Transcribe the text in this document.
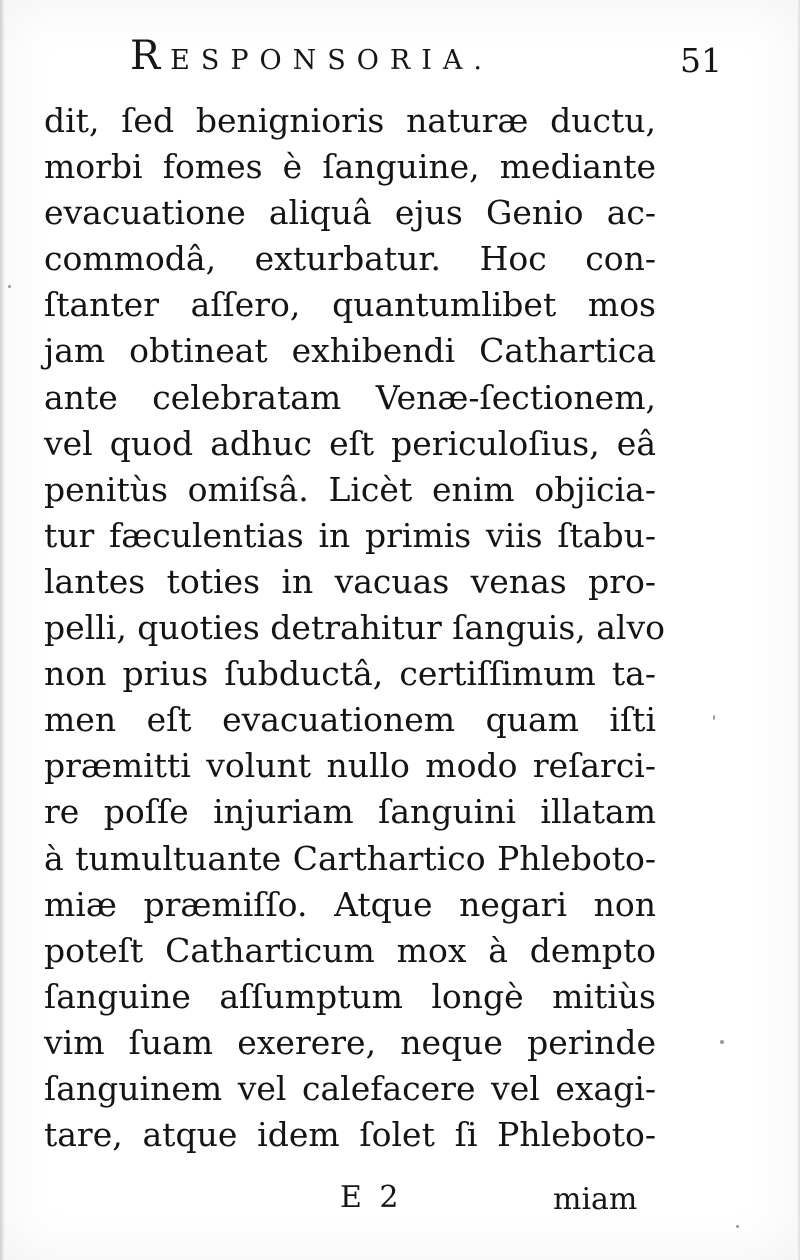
RESPONSORIA.	51
dit, ſed benignioris naturæ ductu,
morbi fomes è ſanguine, mediante
evacuatione aliquâ ejus Genio ac-
commodâ, exturbatur. Hoc con-
ſtanter aſſero, quantumlibet mos
jam obtineat exhibendi Cathartica
ante celebratam Venæ-ſectionem,
vel quod adhuc eſt periculoſius, eâ
penitùs omiſsâ. Licèt enim objicia-
tur fæculentias in primis viis ſtabu-
lantes toties in vacuas venas pro-
pelli, quoties detrahitur ſanguis, alvo
non prius ſubductâ, certiſſimum ta-
men eſt evacuationem quam iſti
præmitti volunt nullo modo reſarci-
re poſſe injuriam ſanguini illatam
à tumultuante Carthartico Phleboto-
miæ præmiſſo. Atque negari non
poteſt Catharticum mox à dempto
ſanguine aſſumptum longè mitiùs
vim ſuam exerere, neque perinde
ſanguinem vel calefacere vel exagi-
tare, atque idem ſolet ſi Phleboto-
E 2	miam
